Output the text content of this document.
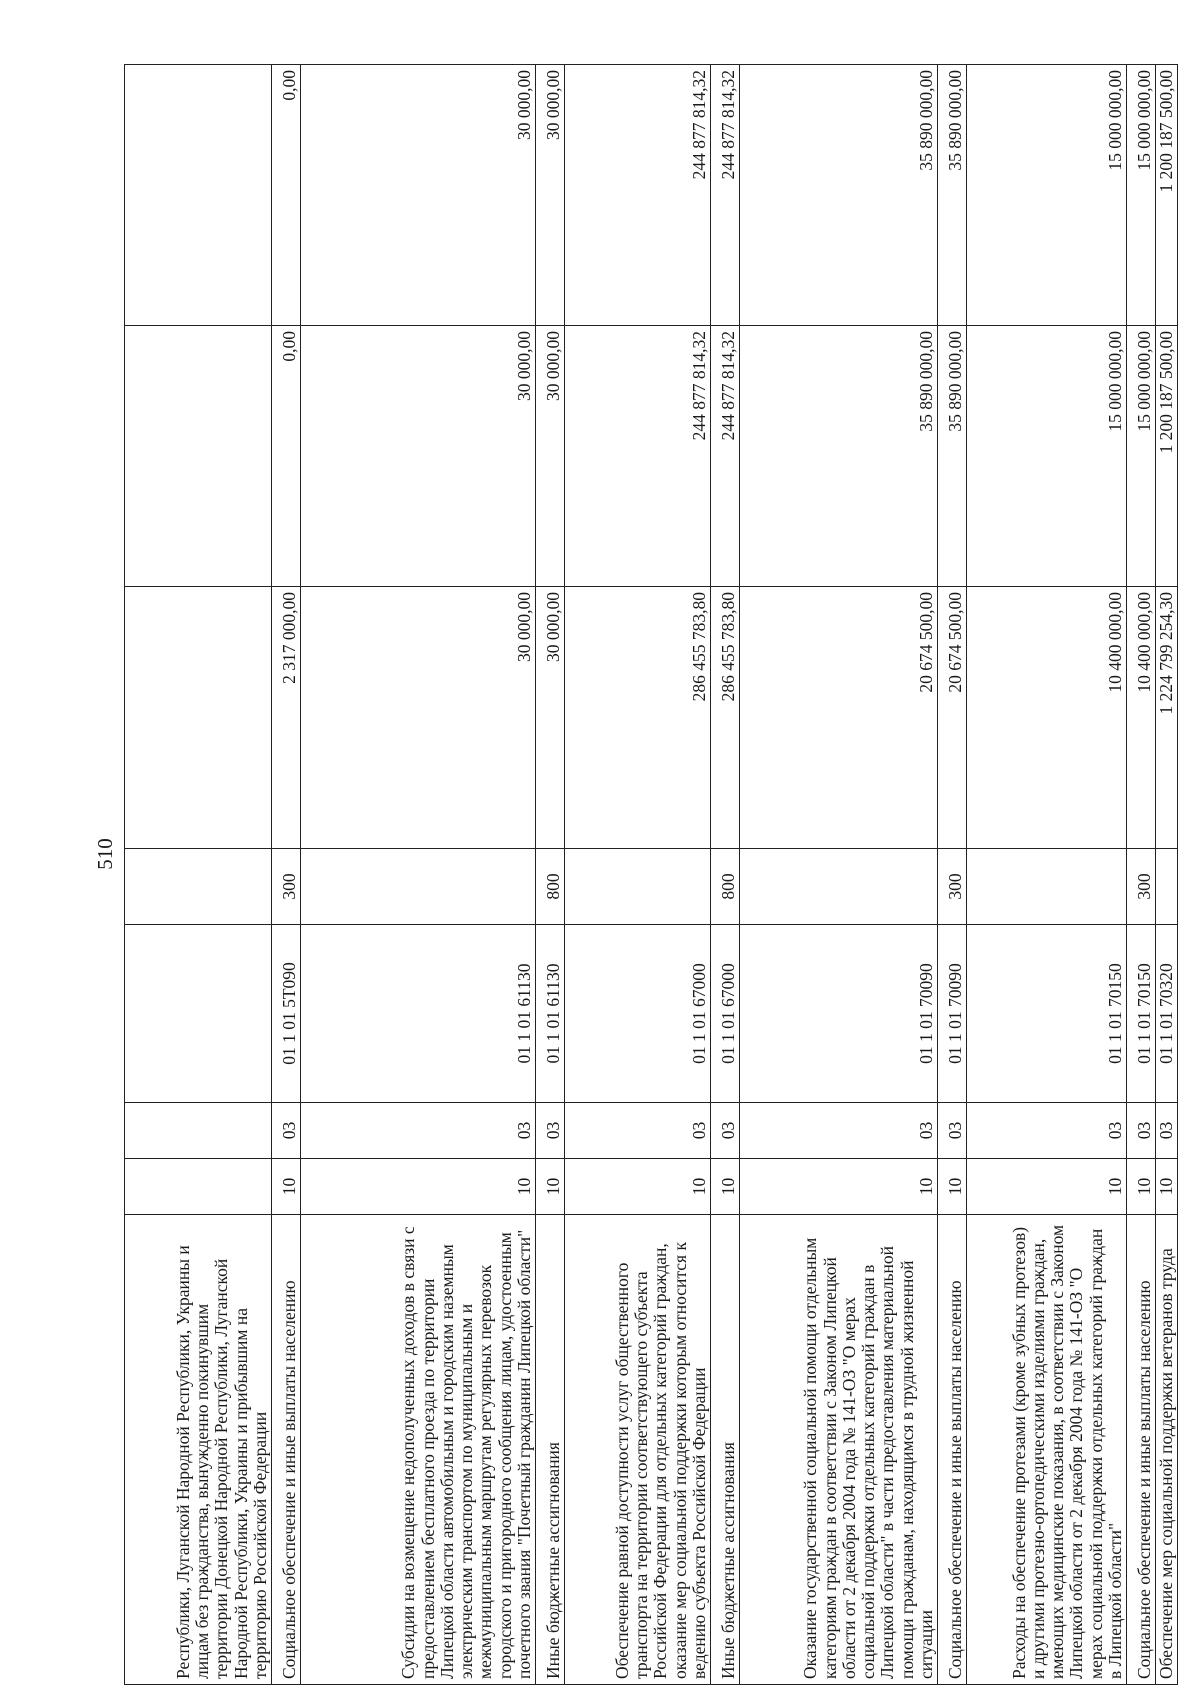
510
Республики, Луганской Народной Республики, Украины и лицам без гражданства, вынужденно покинувшим территории Донецкой Народной Республики, Луганской Народной Республики, Украины и прибывшим на территорию Российской Федерации							
Социальное обеспечение и иные выплаты населению	10	03	01 1 01 5Т090	300	2 317 000,00	0,00	0,00
Субсидии на возмещение недополученных доходов в связи с предоставлением бесплатного проезда по территории Липецкой области автомобильным и городским наземным электрическим транспортом по муниципальным и межмуниципальным маршрутам регулярных перевозок городского и пригородного сообщения лицам, удостоенным почетного звания "Почетный гражданин Липецкой области"	10	03	01 1 01 61130		30 000,00	30 000,00	30 000,00
Иные бюджетные ассигнования	10	03	01 1 01 61130	800	30 000,00	30 000,00	30 000,00
Обеспечение равной доступности услуг общественного транспорта на территории соответствующего субъекта Российской Федерации для отдельных категорий граждан, оказание мер социальной поддержки которым относится к ведению субъекта Российской Федерации	10	03	01 1 01 67000		286 455 783,80	244 877 814,32	244 877 814,32
Иные бюджетные ассигнования	10	03	01 1 01 67000	800	286 455 783,80	244 877 814,32	244 877 814,32
Оказание государственной социальной помощи отдельным категориям граждан в соответствии с Законом Липецкой области от 2 декабря 2004 года № 141-ОЗ "О мерах социальной поддержки отдельных категорий граждан в Липецкой области" в части предоставления материальной помощи гражданам, находящимся в трудной жизненной ситуации	10	03	01 1 01 70090		20 674 500,00	35 890 000,00	35 890 000,00
Социальное обеспечение и иные выплаты населению	10	03	01 1 01 70090	300	20 674 500,00	35 890 000,00	35 890 000,00
Расходы на обеспечение протезами (кроме зубных протезов) и другими протезно-ортопедическими изделиями граждан, имеющих медицинские показания, в соответствии с Законом Липецкой области от 2 декабря 2004 года № 141-ОЗ "О мерах социальной поддержки отдельных категорий граждан в Липецкой области"	10	03	01 1 01 70150		10 400 000,00	15 000 000,00	15 000 000,00
Социальное обеспечение и иные выплаты населению	10	03	01 1 01 70150	300	10 400 000,00	15 000 000,00	15 000 000,00
Обеспечение мер социальной поддержки ветеранов труда	10	03	01 1 01 70320		1 224 799 254,30	1 200 187 500,00	1 200 187 500,00
